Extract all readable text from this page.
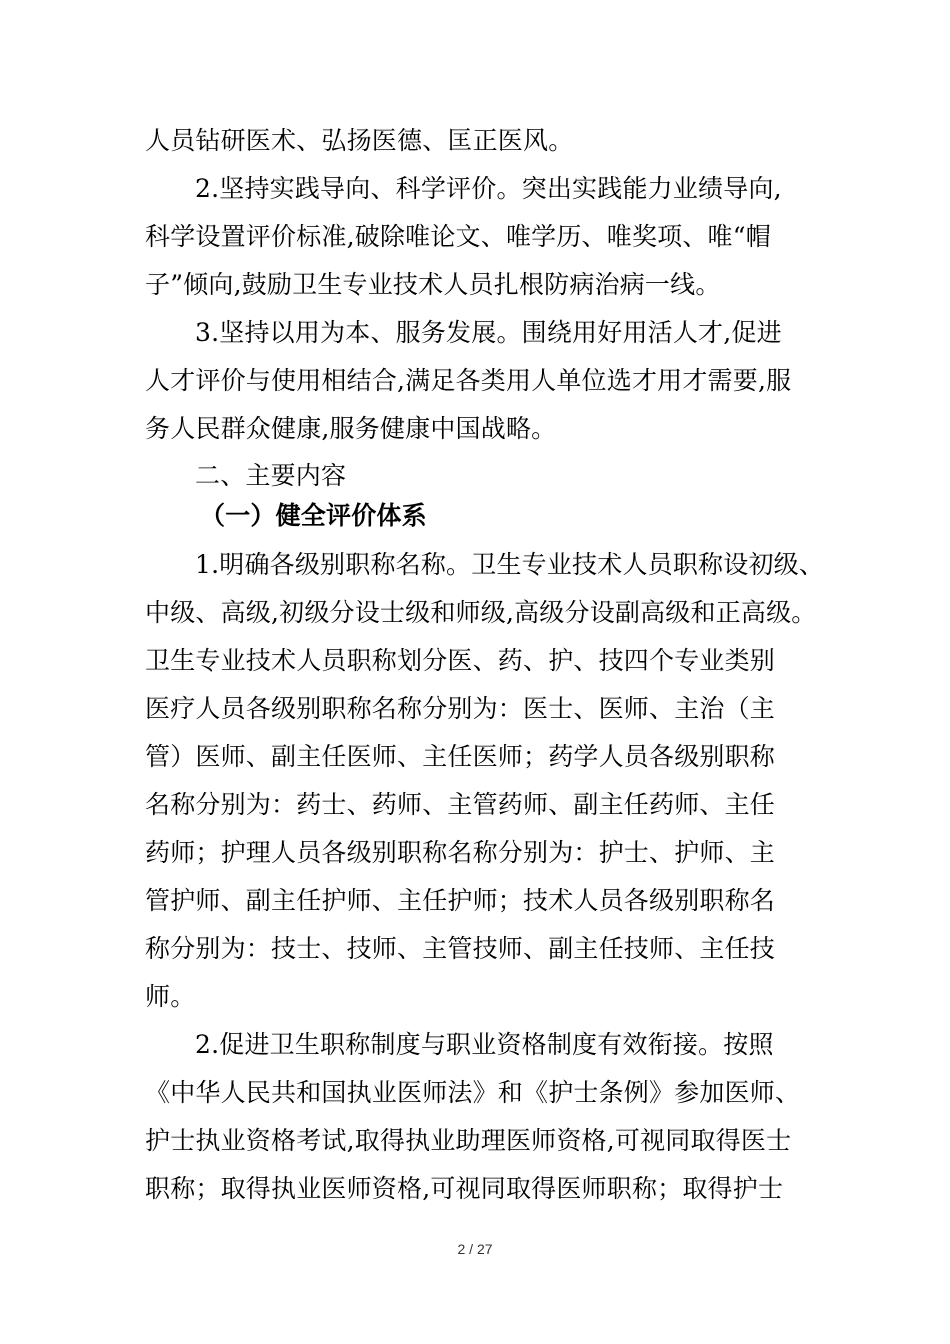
人员钻研医术、弘扬医德、匡正医风。
2.坚持实践导向、科学评价。突出实践能力业绩导向,
科学设置评价标准,破除唯论文、唯学历、唯奖项、唯“帽
子”倾向,鼓励卫生专业技术人员扎根防病治病一线。
3.坚持以用为本、服务发展。围绕用好用活人才,促进
人才评价与使用相结合,满足各类用人单位选才用才需要,服
务人民群众健康,服务健康中国战略。
二、主要内容
（一）健全评价体系
1.明确各级别职称名称。卫生专业技术人员职称设初级、
中级、高级,初级分设士级和师级,高级分设副高级和正高级。
卫生专业技术人员职称划分医、药、护、技四个专业类别
医疗人员各级别职称名称分别为：医士、医师、主治（主
管）医师、副主任医师、主任医师；药学人员各级别职称
名称分别为：药士、药师、主管药师、副主任药师、主任
药师；护理人员各级别职称名称分别为：护士、护师、主
管护师、副主任护师、主任护师；技术人员各级别职称名
称分别为：技士、技师、主管技师、副主任技师、主任技
师。
2.促进卫生职称制度与职业资格制度有效衔接。按照
《中华人民共和国执业医师法》和《护士条例》参加医师、
护士执业资格考试,取得执业助理医师资格,可视同取得医士
职称；取得执业医师资格,可视同取得医师职称；取得护士
2 / 27
